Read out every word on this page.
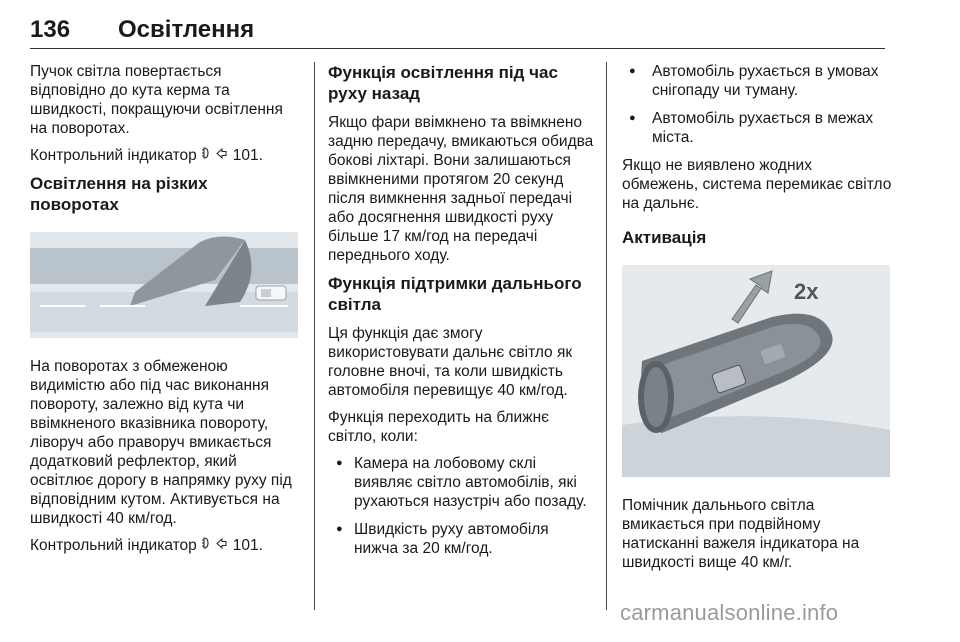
136 Освітлення

Пучок світла повертається відповідно до кута керма та швидкості, покращуючи освітлення на поворотах.

Контрольний індикатор 101.

Освітлення на різких поворотах

На поворотах з обмеженою видимістю або під час виконання повороту, залежно від кута чи ввімкненого вказівника повороту, ліворуч або праворуч вмикається додатковий рефлектор, який освітлює дорогу в напрямку руху під відповідним кутом. Активується на швидкості 40 км/год.

Контрольний індикатор 101.

Функція освітлення під час руху назад

Якщо фари ввімкнено та ввімкнено задню передачу, вмикаються обидва бокові ліхтарі. Вони залишаються ввімкненими протягом 20 секунд після вимкнення задньої передачі або досягнення швидкості руху більше 17 км/год на передачі переднього ходу.

Функція підтримки дальнього світла

Ця функція дає змогу використовувати дальнє світло як головне вночі, та коли швидкість автомобіля перевищує 40 км/год.

Функція переходить на ближнє світло, коли:

● Камера на лобовому склі виявляє світло автомобілів, які рухаються назустріч або позаду.
● Швидкість руху автомобіля нижча за 20 км/год.
● Автомобіль рухається в умовах снігопаду чи туману.
● Автомобіль рухається в межах міста.

Якщо не виявлено жодних обмежень, система перемикає світло на дальнє.

Активація
2x

Помічник дальнього світла вмикається при подвійному натисканні важеля індикатора на швидкості вище 40 км/г.

carmanualsonline.info
